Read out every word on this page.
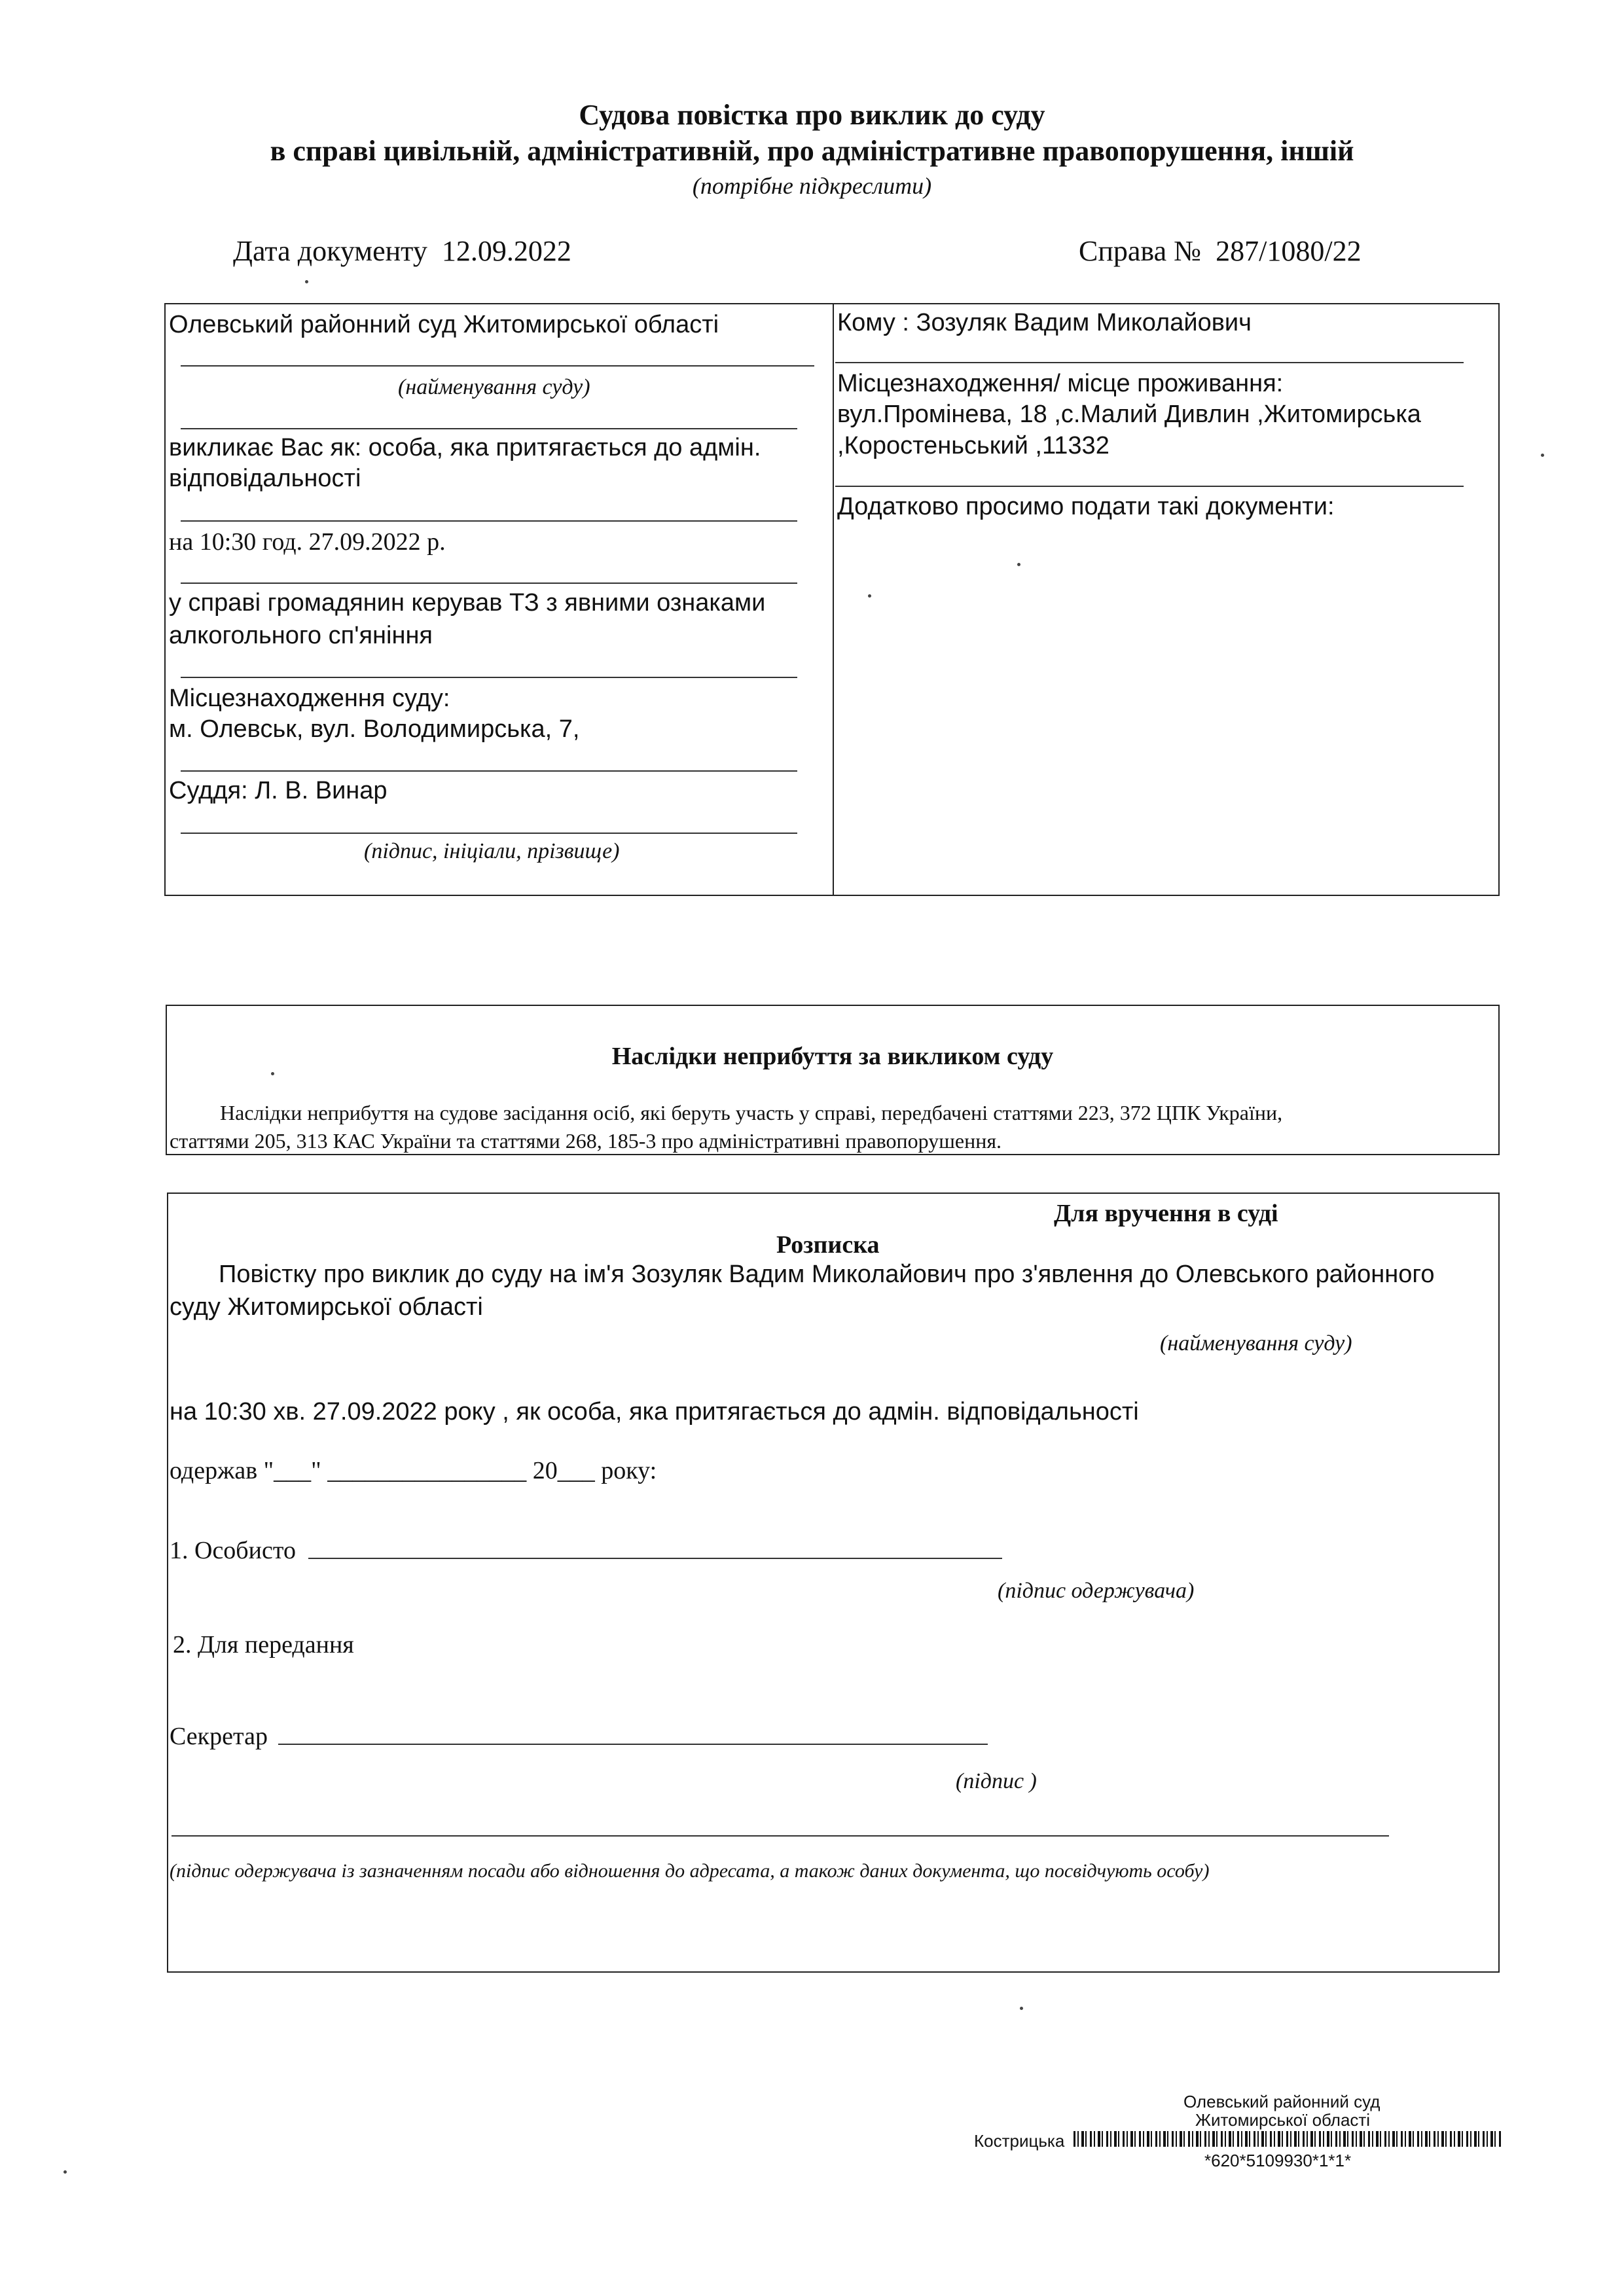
Судова повістка про виклик до суду
в справі цивільній, адміністративній, про адміністративне правопорушення, іншій
(потрібне підкреслити)
Дата документу 12.09.2022	Справа № 287/1080/22
Олевський районний суд Житомирської області
(найменування суду)
викликає Вас як: особа, яка притягається до адмін.
відповідальності
на 10:30 год. 27.09.2022 р.
у справі громадянин керував ТЗ з явними ознаками
алкогольного сп'яніння
Місцезнаходження суду:
м. Олевськ, вул. Володимирська, 7,
Суддя: Л. В. Винар
(підпис, ініціали, прізвище)
Кому : Зозуляк Вадим Миколайович
Місцезнаходження/ місце проживання:
вул.Промінева, 18 ,с.Малий Дивлин ,Житомирська
,Коростеньський ,11332
Додатково просимо подати такі документи:
Наслідки неприбуття за викликом суду
Наслідки неприбуття на судове засідання осіб, які беруть участь у справі, передбачені статтями 223, 372 ЦПК України,
статтями 205, 313 КАС України та статтями 268, 185-3 про адміністративні правопорушення.
Для вручення в суді
Розписка
Повістку про виклик до суду на ім'я Зозуляк Вадим Миколайович про з'явлення до Олевського районного
суду Житомирської області
(найменування суду)
на 10:30 хв. 27.09.2022 року , як особа, яка притягається до адмін. відповідальності
одержав "___" ________________ 20___ року:
1. Особисто
(підпис одержувача)
2. Для передання
Секретар
(підпис )
(підпис одержувача із зазначенням посади або відношення до адресата, а також даних документа, що посвідчують особу)
Олевський районний суд
Житомирської області
Кострицька
*620*5109930*1*1*
